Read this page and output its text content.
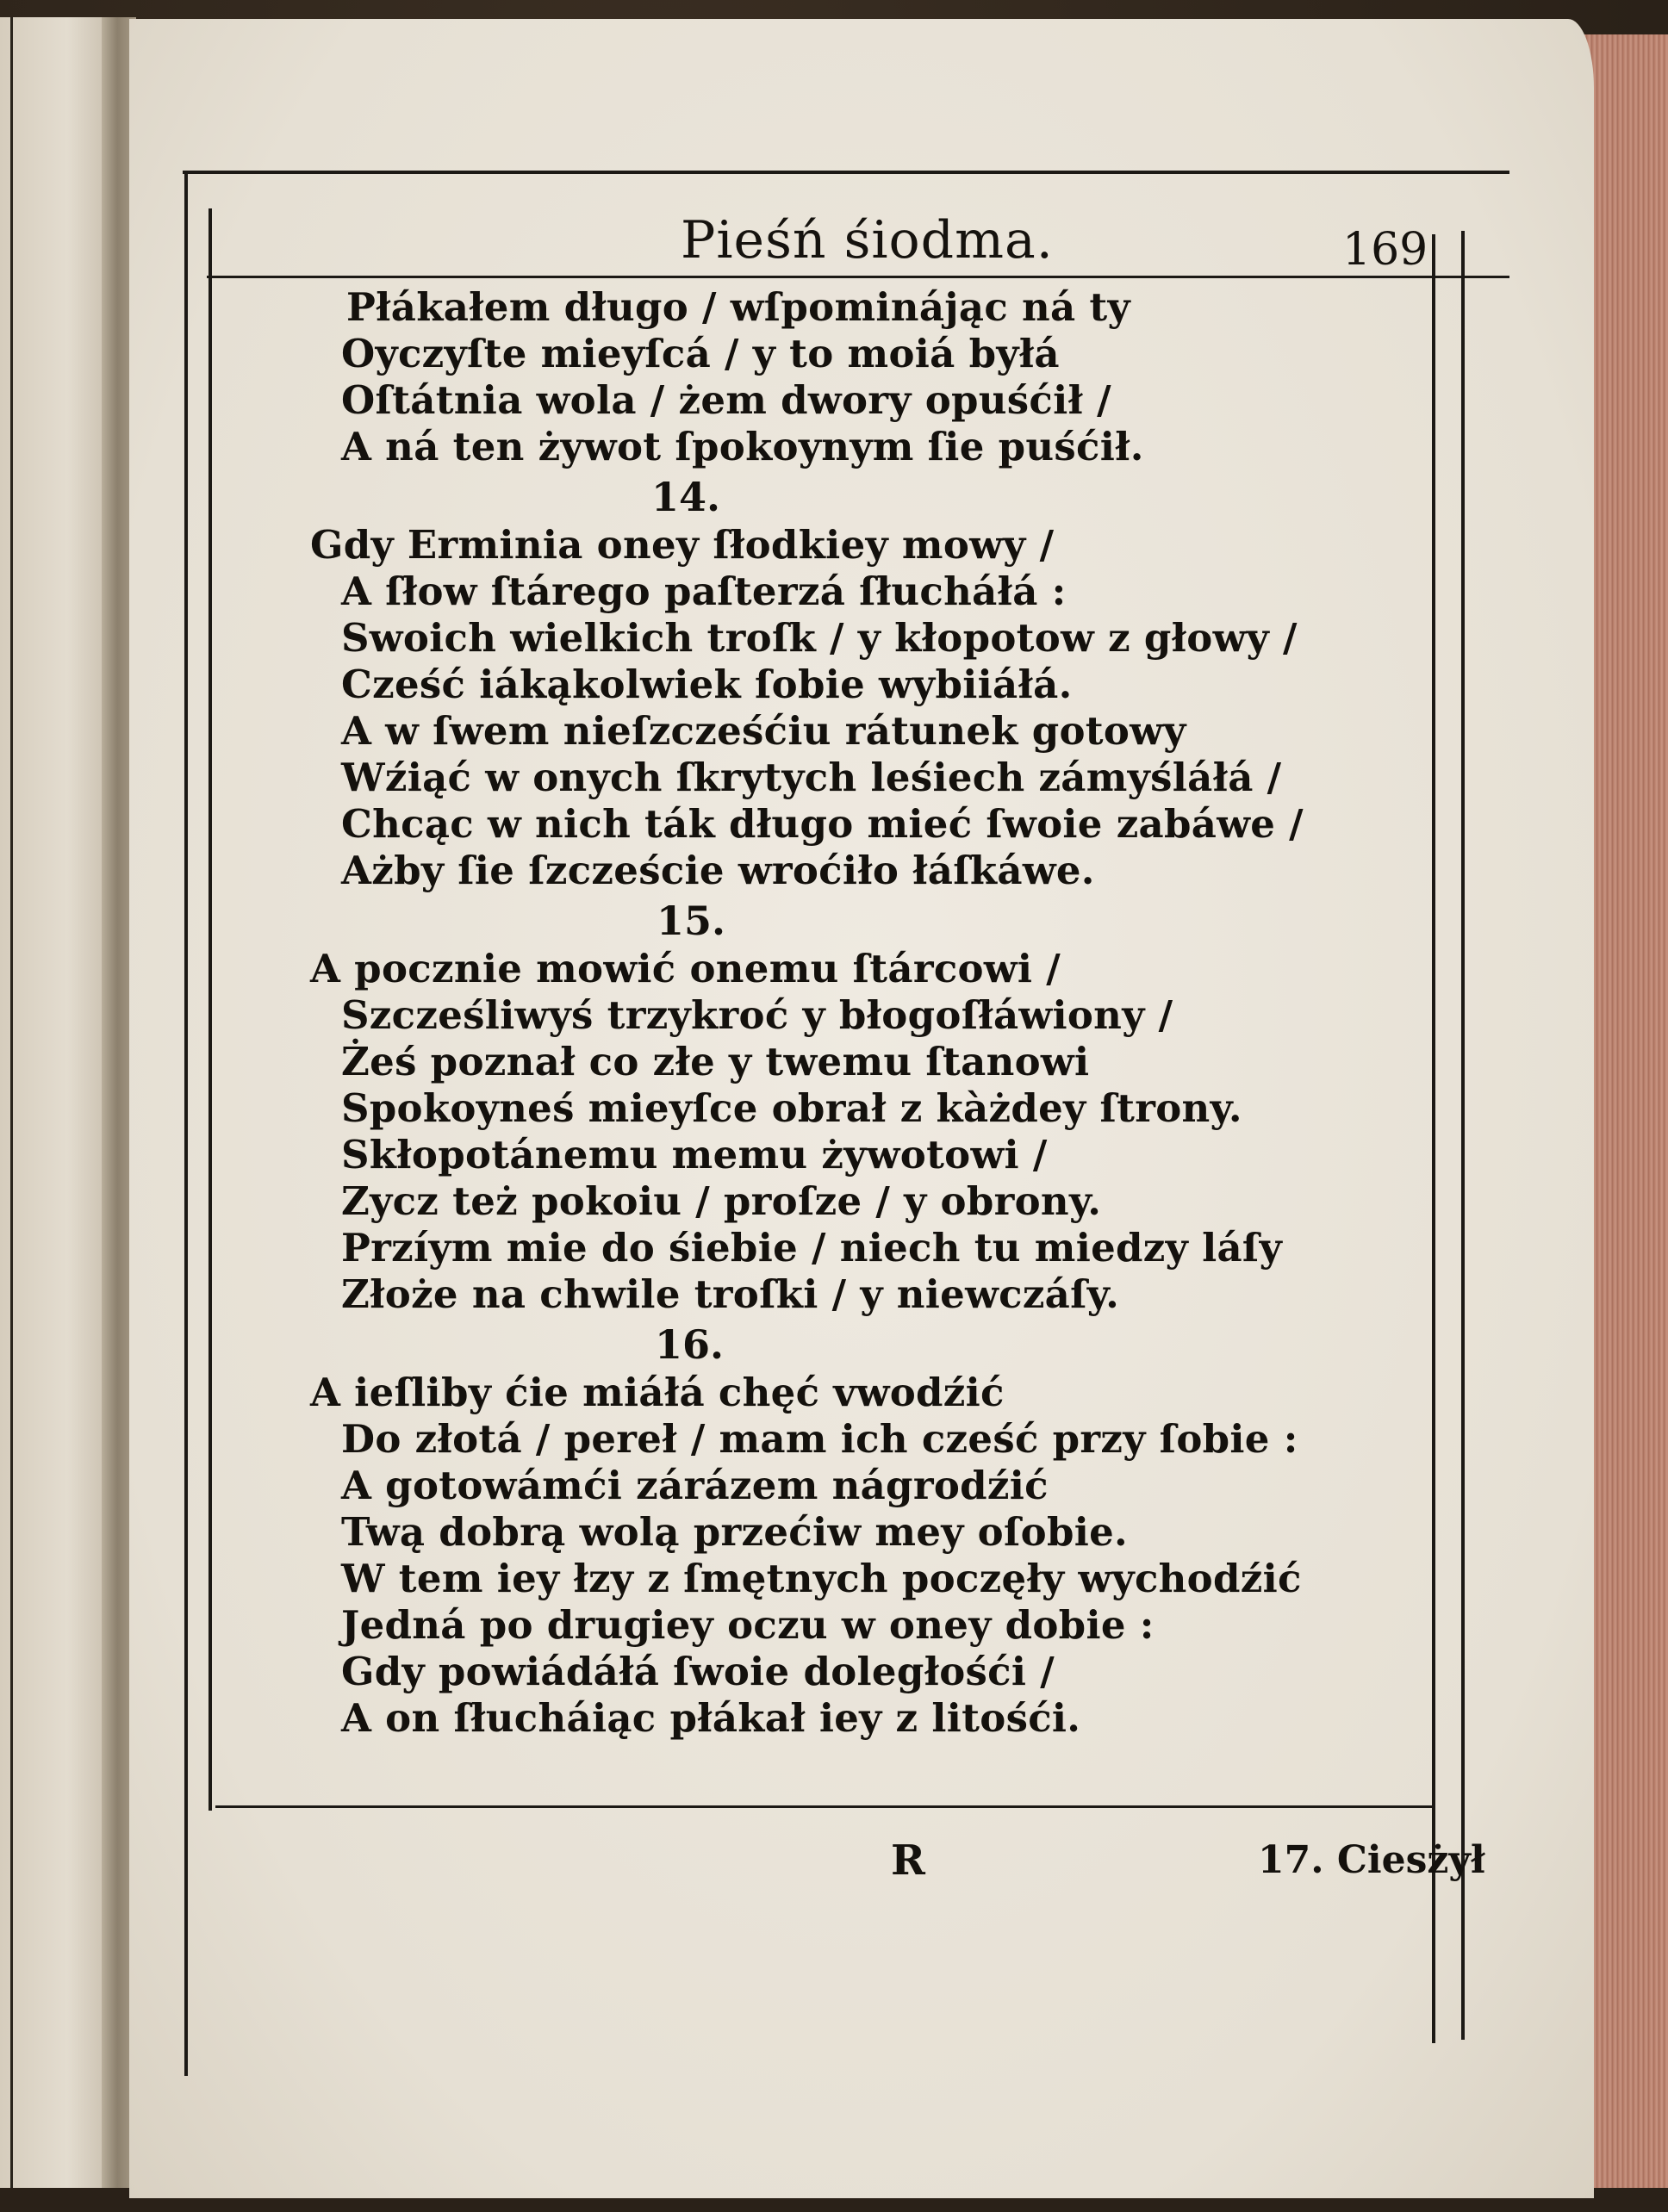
Pieśń śiodma.	169
Płákałem długo / wſpominájąc ná ty
Oyczyſte mieyſcá / y to moiá byłá
Oſtátnia wola / żem dwory opuśćił /
A ná ten żywot ſpokoynym ſie puśćił.
14.
Gdy Erminia oney ſłodkiey mowy /
A ſłow ſtárego paſterzá ſłucháłá :
Swoich wielkich troſk / y kłopotow z głowy /
Cześć iákąkolwiek ſobie wybiiáłá.
A w ſwem nieſzcześćiu rátunek gotowy
Wźiąć w onych ſkrytych leśiech zámyśláłá /
Chcąc w nich ták długo mieć ſwoie zabáwe /
Ażby ſie ſzczeście wroćiło łáſkáwe.
15.
A pocznie mowić onemu ſtárcowi /
Szcześliwyś trzykroć y błogoſłáwiony /
Żeś poznał co złe y twemu ſtanowi
Spokoyneś mieyſce obrał z kàżdey ſtrony.
Skłopotánemu memu żywotowi /
Zycz też pokoiu / proſze / y obrony.
Przíym mie do śiebie / niech tu miedzy láſy
Złoże na chwile troſki / y niewczáſy.
16.
A ieſliby ćie miáłá chęć vwodźić
Do złotá / pereł / mam ich cześć przy ſobie :
A gotowámći zárázem nágrodźić
Twą dobrą wolą przećiw mey oſobie.
W tem iey łzy z ſmętnych poczęły wychodźić
Jedná po drugiey oczu w oney dobie :
Gdy powiádáłá ſwoie doległośći /
A on ſłucháiąc płákał iey z litośći.
R	17. Ciesżył
